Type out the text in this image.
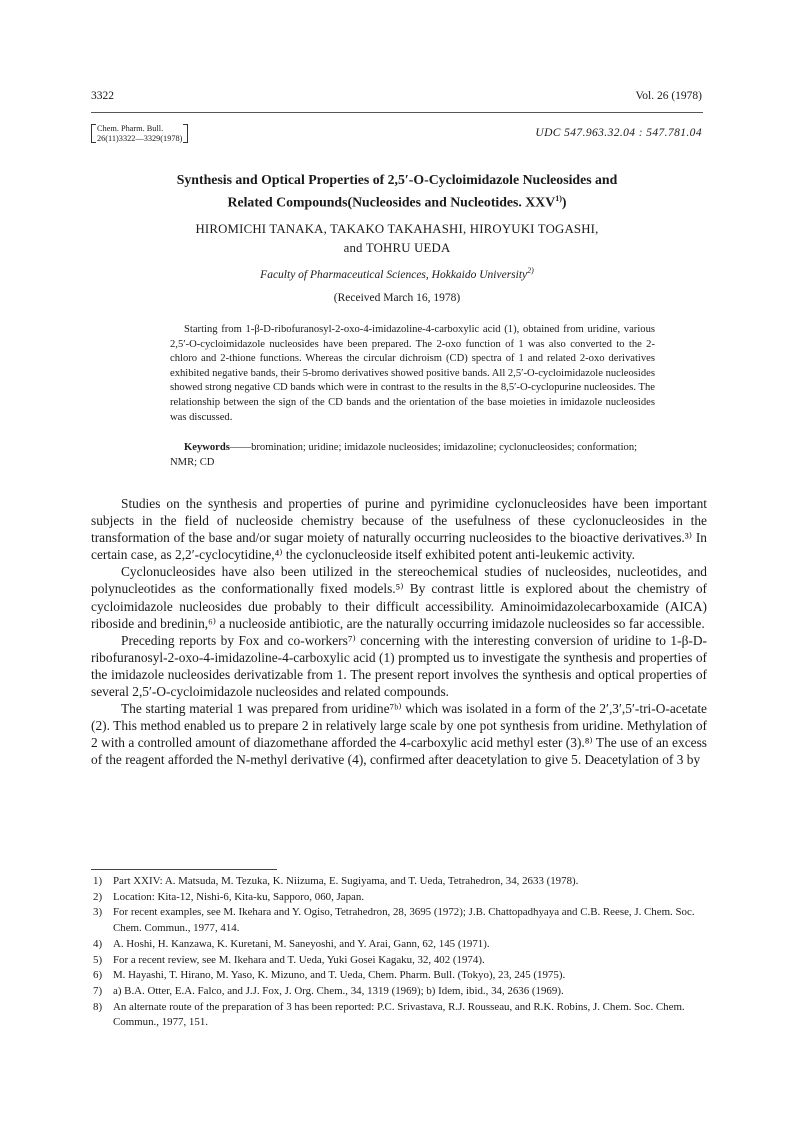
3322	Vol. 26 (1978)
Chem. Pharm. Bull.
26(11)3322—3329(1978)	UDC 547.963.32.04 : 547.781.04
Synthesis and Optical Properties of 2,5′-O-Cycloimidazole Nucleosides and
Related Compounds(Nucleosides and Nucleotides. XXV$^{1)}$)
HIROMICHI TANAKA, TAKAKO TAKAHASHI, HIROYUKI TOGASHI,
and TOHRU UEDA
Faculty of Pharmaceutical Sciences, Hokkaido University$^{2)}$
(Received March 16, 1978)

Starting from 1-β-D-ribofuranosyl-2-oxo-4-imidazoline-4-carboxylic acid (1), obtained from uridine, various 2,5′-O-cycloimidazole nucleosides have been prepared. The 2-oxo function of 1 was also converted to the 2-chloro and 2-thione functions. Whereas the circular dichroism (CD) spectra of 1 and related 2-oxo derivatives exhibited negative bands, their 5-bromo derivatives showed positive bands. All 2,5′-O-cycloimidazole nucleosides showed strong negative CD bands which were in contrast to the results in the 8,5′-O-cyclopurine nucleosides. The relationship between the sign of the CD bands and the orientation of the base moieties in imidazole nucleosides was discussed.

Keywords——bromination; uridine; imidazole nucleosides; imidazoline; cyclonucleosides; conformation; NMR; CD

Studies on the synthesis and properties of purine and pyrimidine cyclonucleosides have been important subjects in the field of nucleoside chemistry because of the usefulness of these cyclonucleosides in the transformation of the base and/or sugar moiety of naturally occurring nucleosides to the bioactive derivatives.³⁾ In certain case, as 2,2′-cyclocytidine,⁴⁾ the cyclonucleoside itself exhibited potent anti-leukemic activity.

Cyclonucleosides have also been utilized in the stereochemical studies of nucleosides, nucleotides, and polynucleotides as the conformationally fixed models.⁵⁾ By contrast little is explored about the chemistry of cycloimidazole nucleosides due probably to their difficult accessibility. Aminoimidazolecarboxamide (AICA) riboside and bredinin,⁶⁾ a nucleoside antibiotic, are the naturally occurring imidazole nucleosides so far accessible.

Preceding reports by Fox and co-workers⁷⁾ concerning with the interesting conversion of uridine to 1-β-D-ribofuranosyl-2-oxo-4-imidazoline-4-carboxylic acid (1) prompted us to investigate the synthesis and properties of the imidazole nucleosides derivatizable from 1. The present report involves the synthesis and optical properties of several 2,5′-O-cycloimidazole nucleosides and related compounds.

The starting material 1 was prepared from uridine⁷ᵇ⁾ which was isolated in a form of the 2′,3′,5′-tri-O-acetate (2). This method enabled us to prepare 2 in relatively large scale by one pot synthesis from uridine. Methylation of 2 with a controlled amount of diazomethane afforded the 4-carboxylic acid methyl ester (3).⁸⁾ The use of an excess of the reagent afforded the N-methyl derivative (4), confirmed after deacetylation to give 5. Deacetylation of 3 by

1)	Part XXIV: A. Matsuda, M. Tezuka, K. Niizuma, E. Sugiyama, and T. Ueda, Tetrahedron, 34, 2633 (1978).
2)	Location: Kita-12, Nishi-6, Kita-ku, Sapporo, 060, Japan.
3)	For recent examples, see M. Ikehara and Y. Ogiso, Tetrahedron, 28, 3695 (1972); J.B. Chattopadhyaya and C.B. Reese, J. Chem. Soc. Chem. Commun., 1977, 414.
4)	A. Hoshi, H. Kanzawa, K. Kuretani, M. Saneyoshi, and Y. Arai, Gann, 62, 145 (1971).
5)	For a recent review, see M. Ikehara and T. Ueda, Yuki Gosei Kagaku, 32, 402 (1974).
6)	M. Hayashi, T. Hirano, M. Yaso, K. Mizuno, and T. Ueda, Chem. Pharm. Bull. (Tokyo), 23, 245 (1975).
7)	a) B.A. Otter, E.A. Falco, and J.J. Fox, J. Org. Chem., 34, 1319 (1969); b) Idem, ibid., 34, 2636 (1969).
8)	An alternate route of the preparation of 3 has been reported: P.C. Srivastava, R.J. Rousseau, and R.K. Robins, J. Chem. Soc. Chem. Commun., 1977, 151.
